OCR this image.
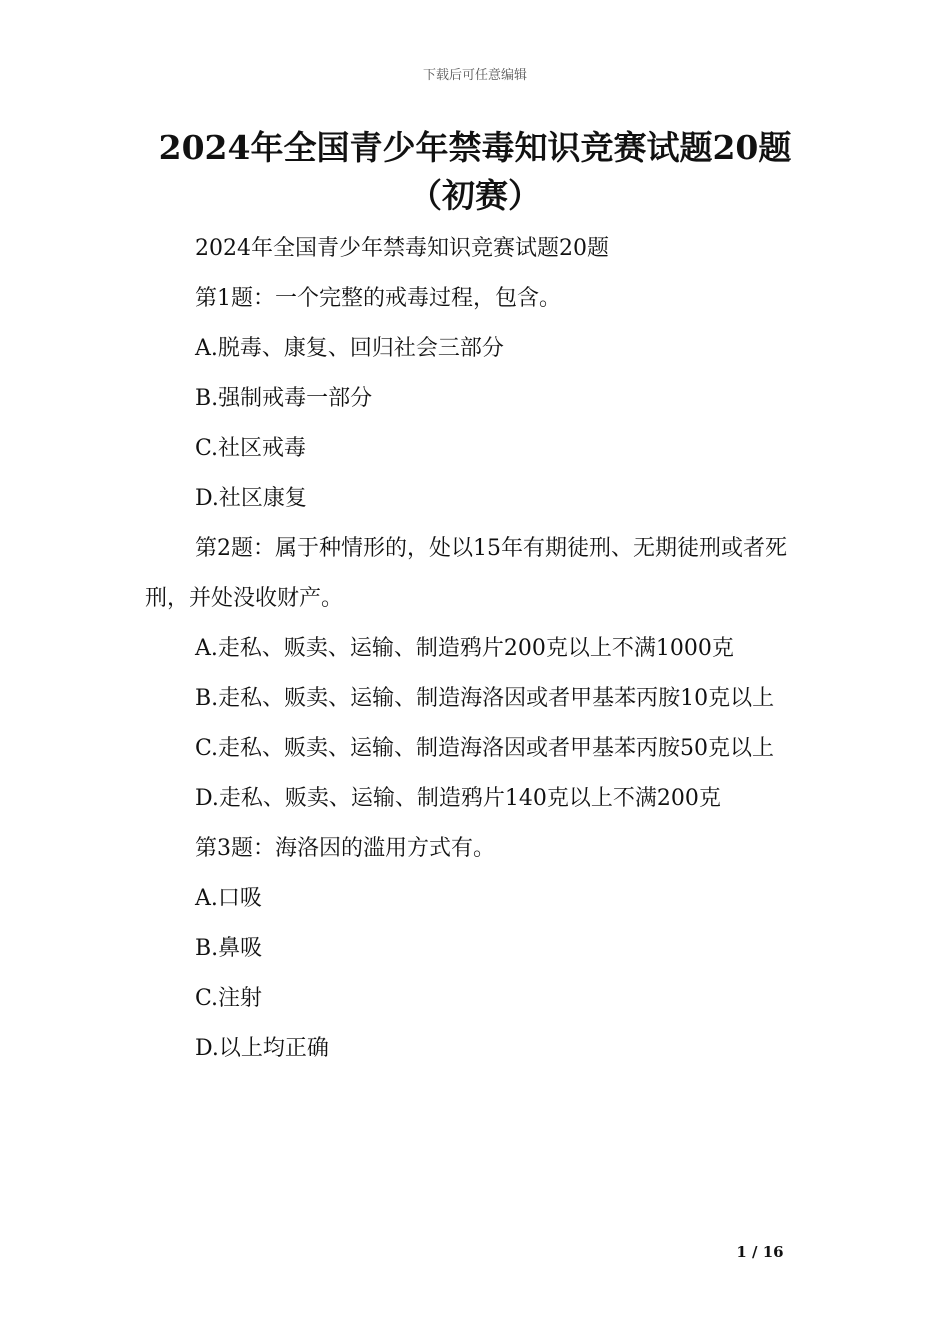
下载后可任意编辑
2024年全国青少年禁毒知识竞赛试题20题（初赛）

2024年全国青少年禁毒知识竞赛试题20题

第1题：一个完整的戒毒过程，包含。

A.脱毒、康复、回归社会三部分

B.强制戒毒一部分

C.社区戒毒

D.社区康复

第2题：属于种情形的，处以15年有期徒刑、无期徒刑或者死刑，并处没收财产。

A.走私、贩卖、运输、制造鸦片200克以上不满1000克

B.走私、贩卖、运输、制造海洛因或者甲基苯丙胺10克以上

C.走私、贩卖、运输、制造海洛因或者甲基苯丙胺50克以上

D.走私、贩卖、运输、制造鸦片140克以上不满200克

第3题：海洛因的滥用方式有。

A.口吸

B.鼻吸

C.注射

D.以上均正确

1 / 16
